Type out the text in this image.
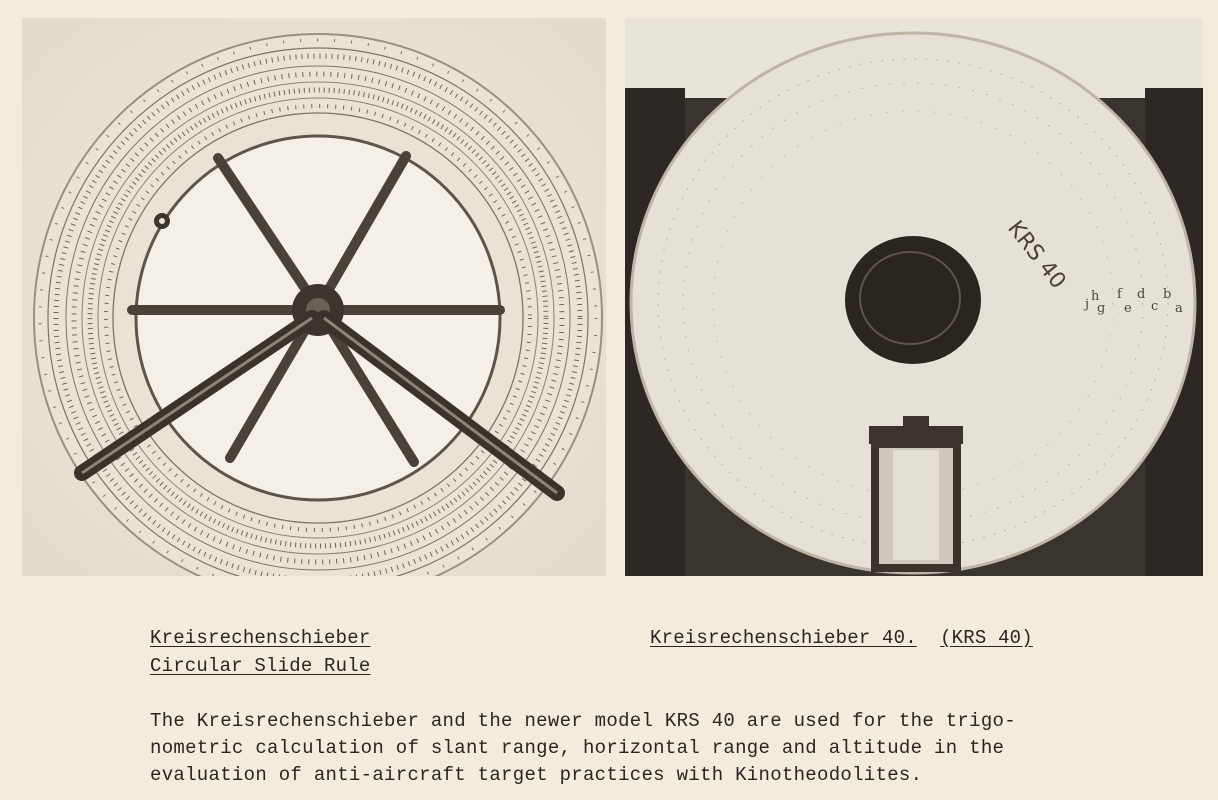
KRS 40
j
h
g
f
e
d
c
b
a
Kreisrechenschieber
Circular Slide Rule
Kreisrechenschieber 40. (KRS 40)
The Kreisrechenschieber and the newer model KRS 40 are used for the trigo-
nometric calculation of slant range, horizontal range and altitude in the
evaluation of anti-aircraft target practices with Kinotheodolites.
